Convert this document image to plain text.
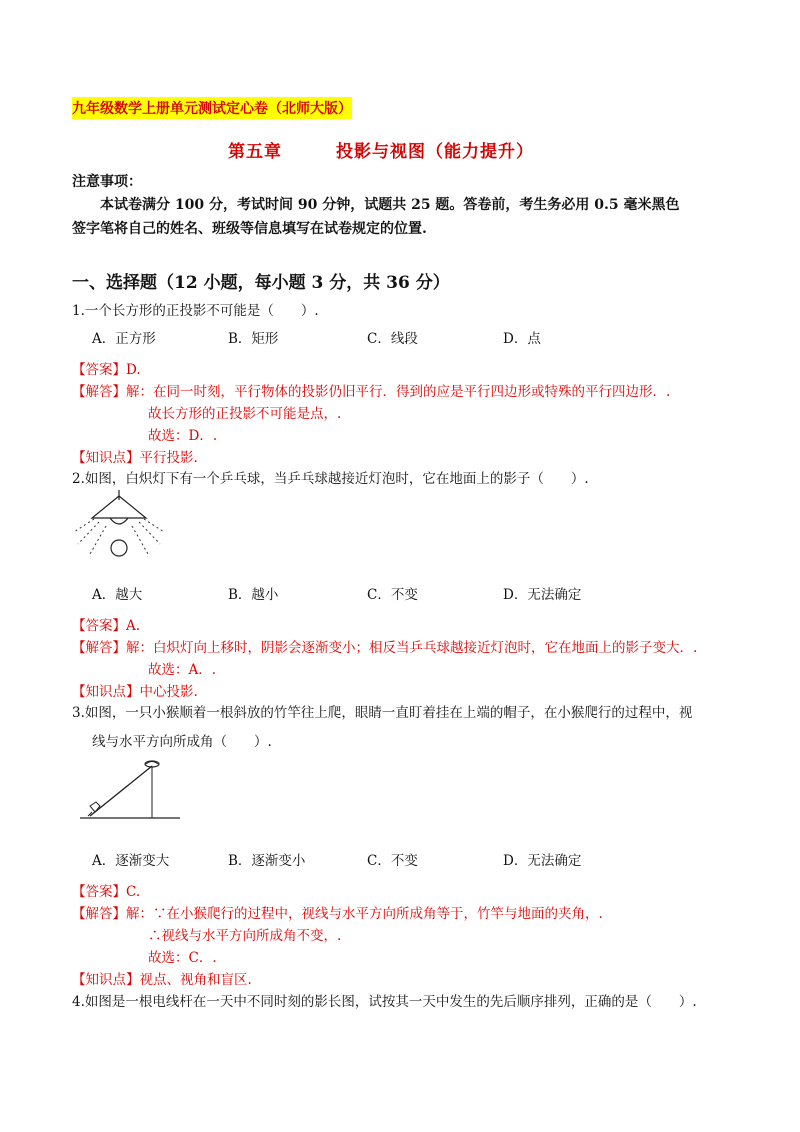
九年级数学上册单元测试定心卷（北师大版）
第五章	投影与视图（能力提升）
注意事项：
本试卷满分 100 分，考试时间 90 分钟，试题共 25 题。答卷前，考生务必用 0.5 毫米黑色
签字笔将自己的姓名、班级等信息填写在试卷规定的位置.
一、选择题（12 小题，每小题 3 分，共 36 分）
1.一个长方形的正投影不可能是（　　）.
A．正方形	B．矩形	C．线段	D．点
【答案】D.
【解答】解：在同一时刻，平行物体的投影仍旧平行．得到的应是平行四边形或特殊的平行四边形．.
故长方形的正投影不可能是点，.
故选：D．.
【知识点】平行投影.
2.如图，白炽灯下有一个乒乓球，当乒乓球越接近灯泡时，它在地面上的影子（　　）.
A．越大	B．越小	C．不变	D．无法确定
【答案】A.
【解答】解：白炽灯向上移时，阴影会逐渐变小；相反当乒乓球越接近灯泡时，它在地面上的影子变大．.
故选：A．.
【知识点】中心投影.
3.如图，一只小猴顺着一根斜放的竹竿往上爬，眼睛一直盯着挂在上端的帽子，在小猴爬行的过程中，视
线与水平方向所成角（　　）.
A．逐渐变大	B．逐渐变小	C．不变	D．无法确定
【答案】C.
【解答】解：∵在小猴爬行的过程中，视线与水平方向所成角等于，竹竿与地面的夹角，.
∴视线与水平方向所成角不变，.
故选：C．.
【知识点】视点、视角和盲区.
4.如图是一根电线杆在一天中不同时刻的影长图，试按其一天中发生的先后顺序排列，正确的是（　　）.
